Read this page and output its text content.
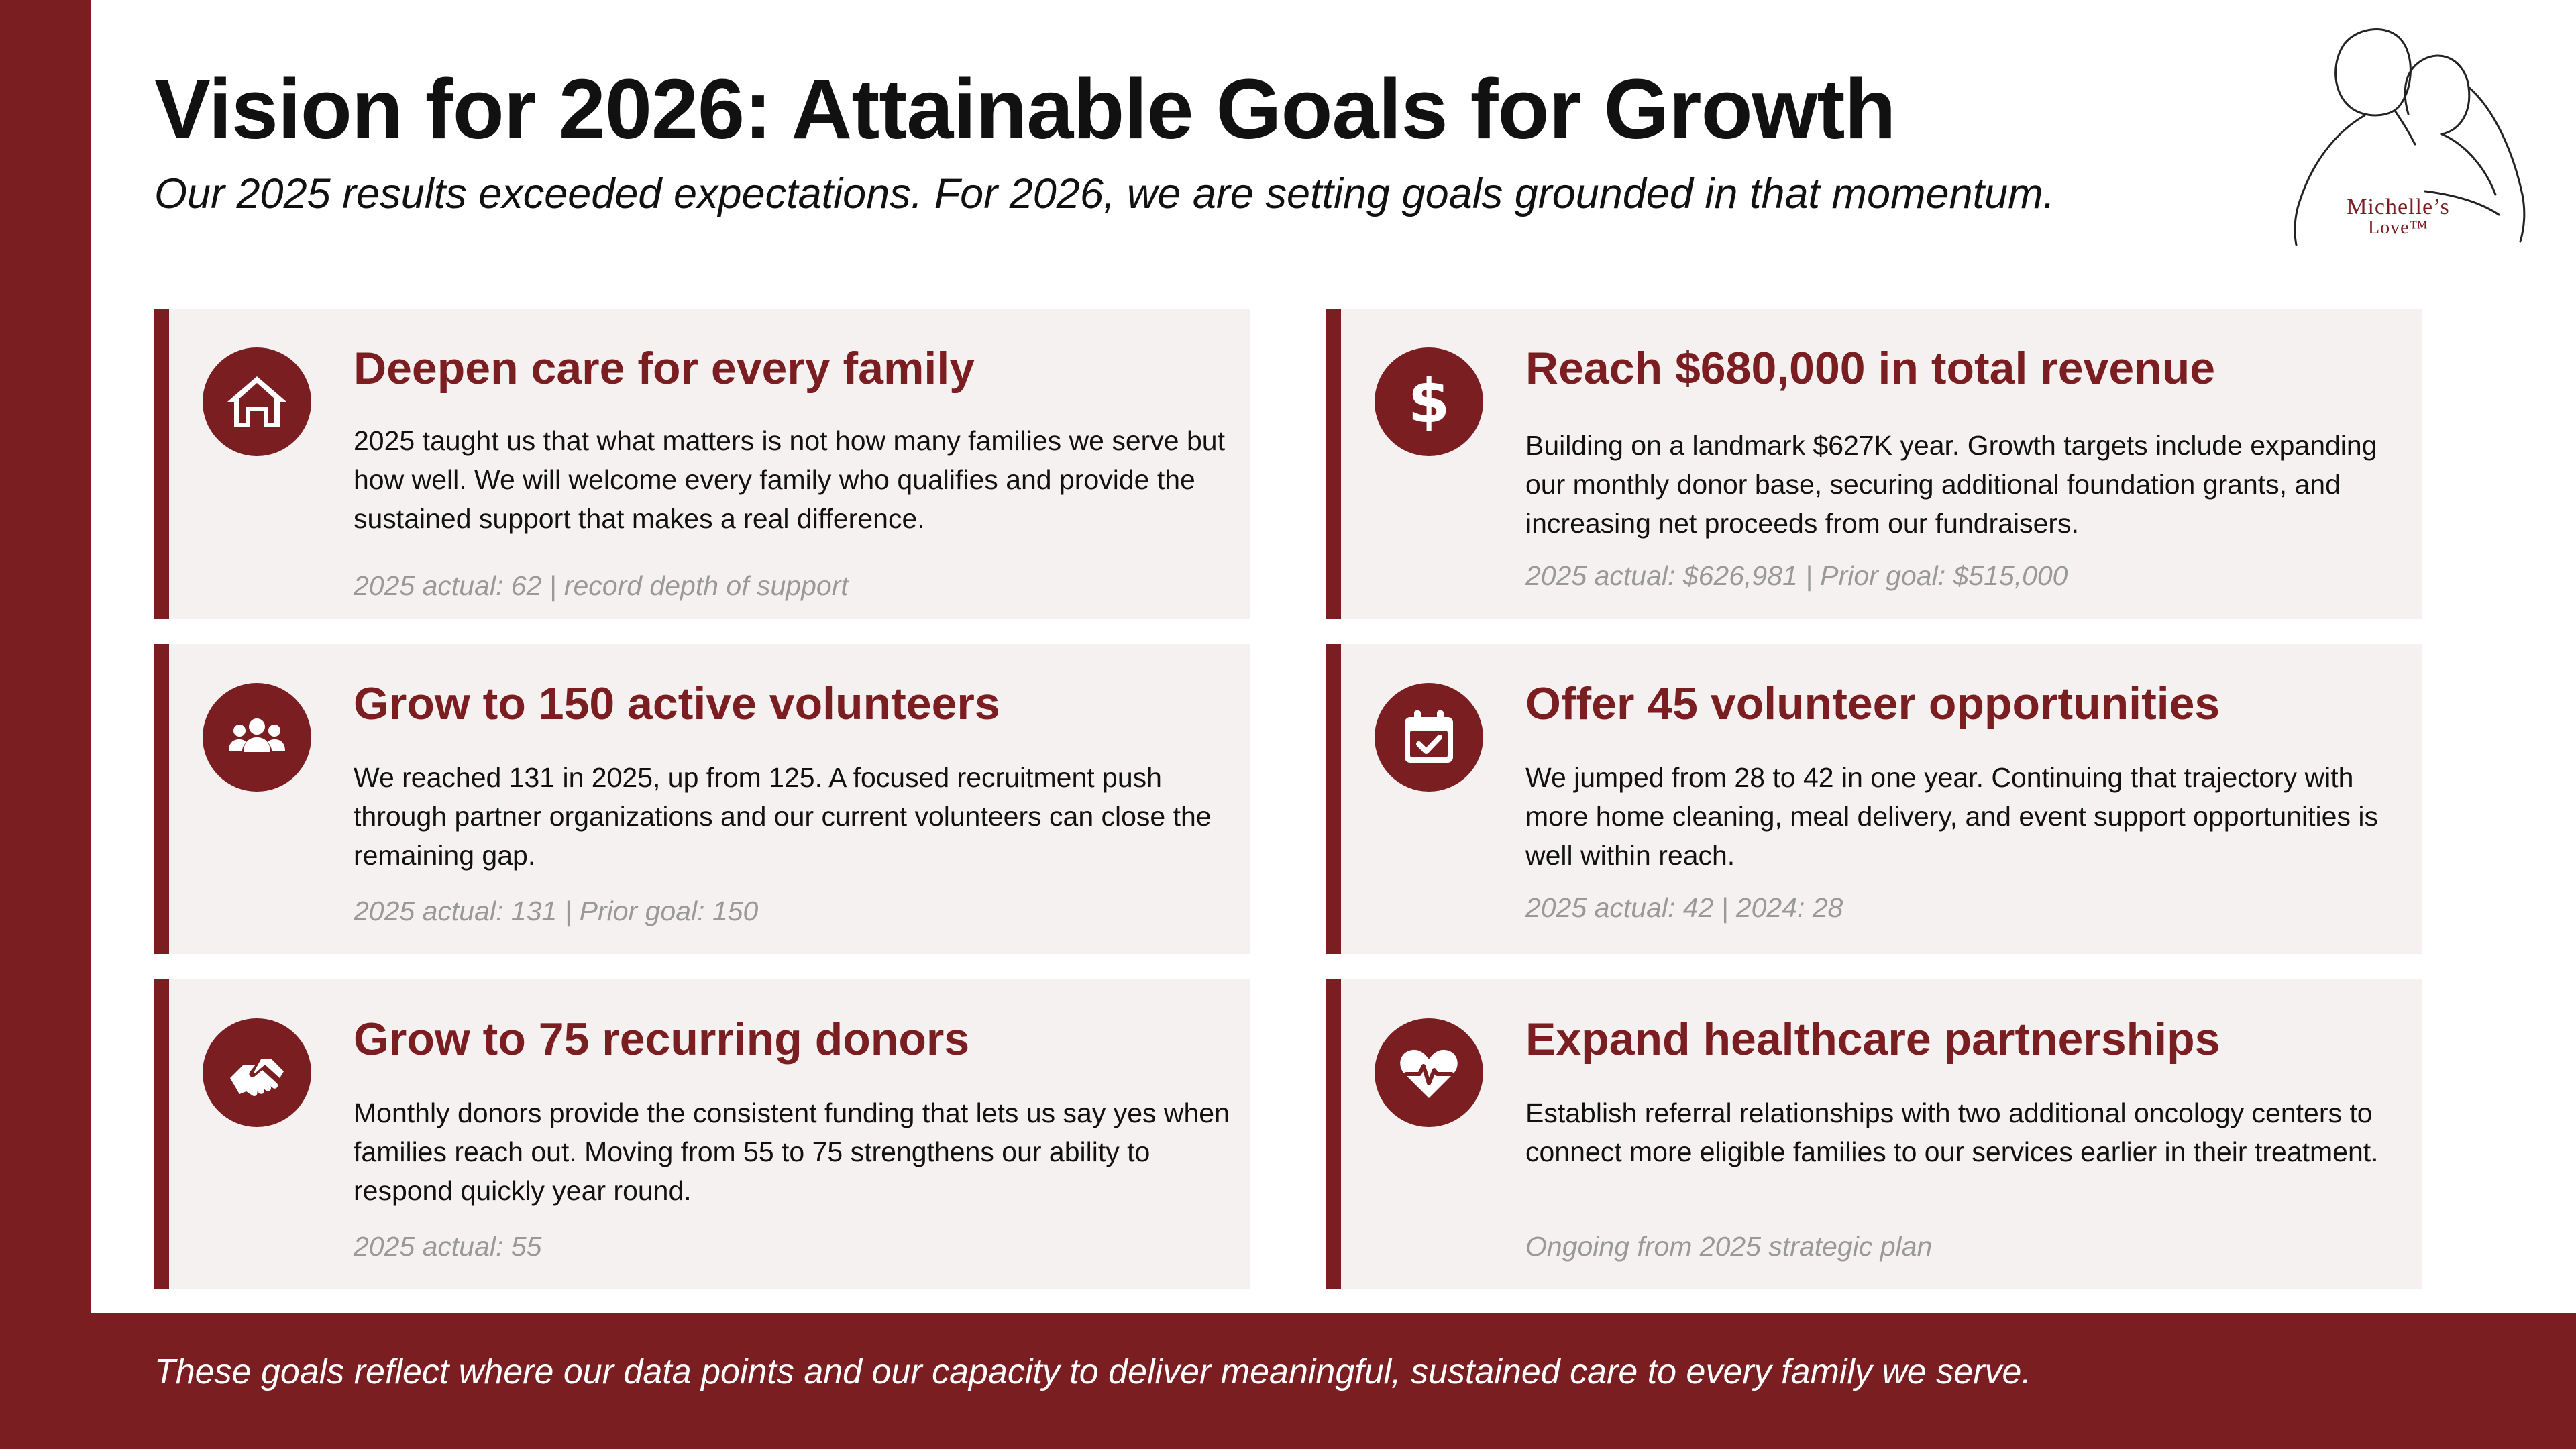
Vision for 2026: Attainable Goals for Growth
Our 2025 results exceeded expectations. For 2026, we are setting goals grounded in that momentum.	Michelle’s
Love™
Deepen care for every family
2025 taught us that what matters is not how many families we serve but how well. We will welcome every family who qualifies and provide the sustained support that makes a real difference.
2025 actual: 62 | record depth of support
$ Reach $680,000 in total revenue
Building on a landmark $627K year. Growth targets include expanding our monthly donor base, securing additional foundation grants, and increasing net proceeds from our fundraisers.
2025 actual: $626,981 | Prior goal: $515,000
Grow to 150 active volunteers
We reached 131 in 2025, up from 125. A focused recruitment push through partner organizations and our current volunteers can close the remaining gap.
2025 actual: 131 | Prior goal: 150
Offer 45 volunteer opportunities
We jumped from 28 to 42 in one year. Continuing that trajectory with more home cleaning, meal delivery, and event support opportunities is well within reach.
2025 actual: 42 | 2024: 28
Grow to 75 recurring donors
Monthly donors provide the consistent funding that lets us say yes when families reach out. Moving from 55 to 75 strengthens our ability to respond quickly year round.
2025 actual: 55
Expand healthcare partnerships
Establish referral relationships with two additional oncology centers to connect more eligible families to our services earlier in their treatment.
Ongoing from 2025 strategic plan
These goals reflect where our data points and our capacity to deliver meaningful, sustained care to every family we serve.
